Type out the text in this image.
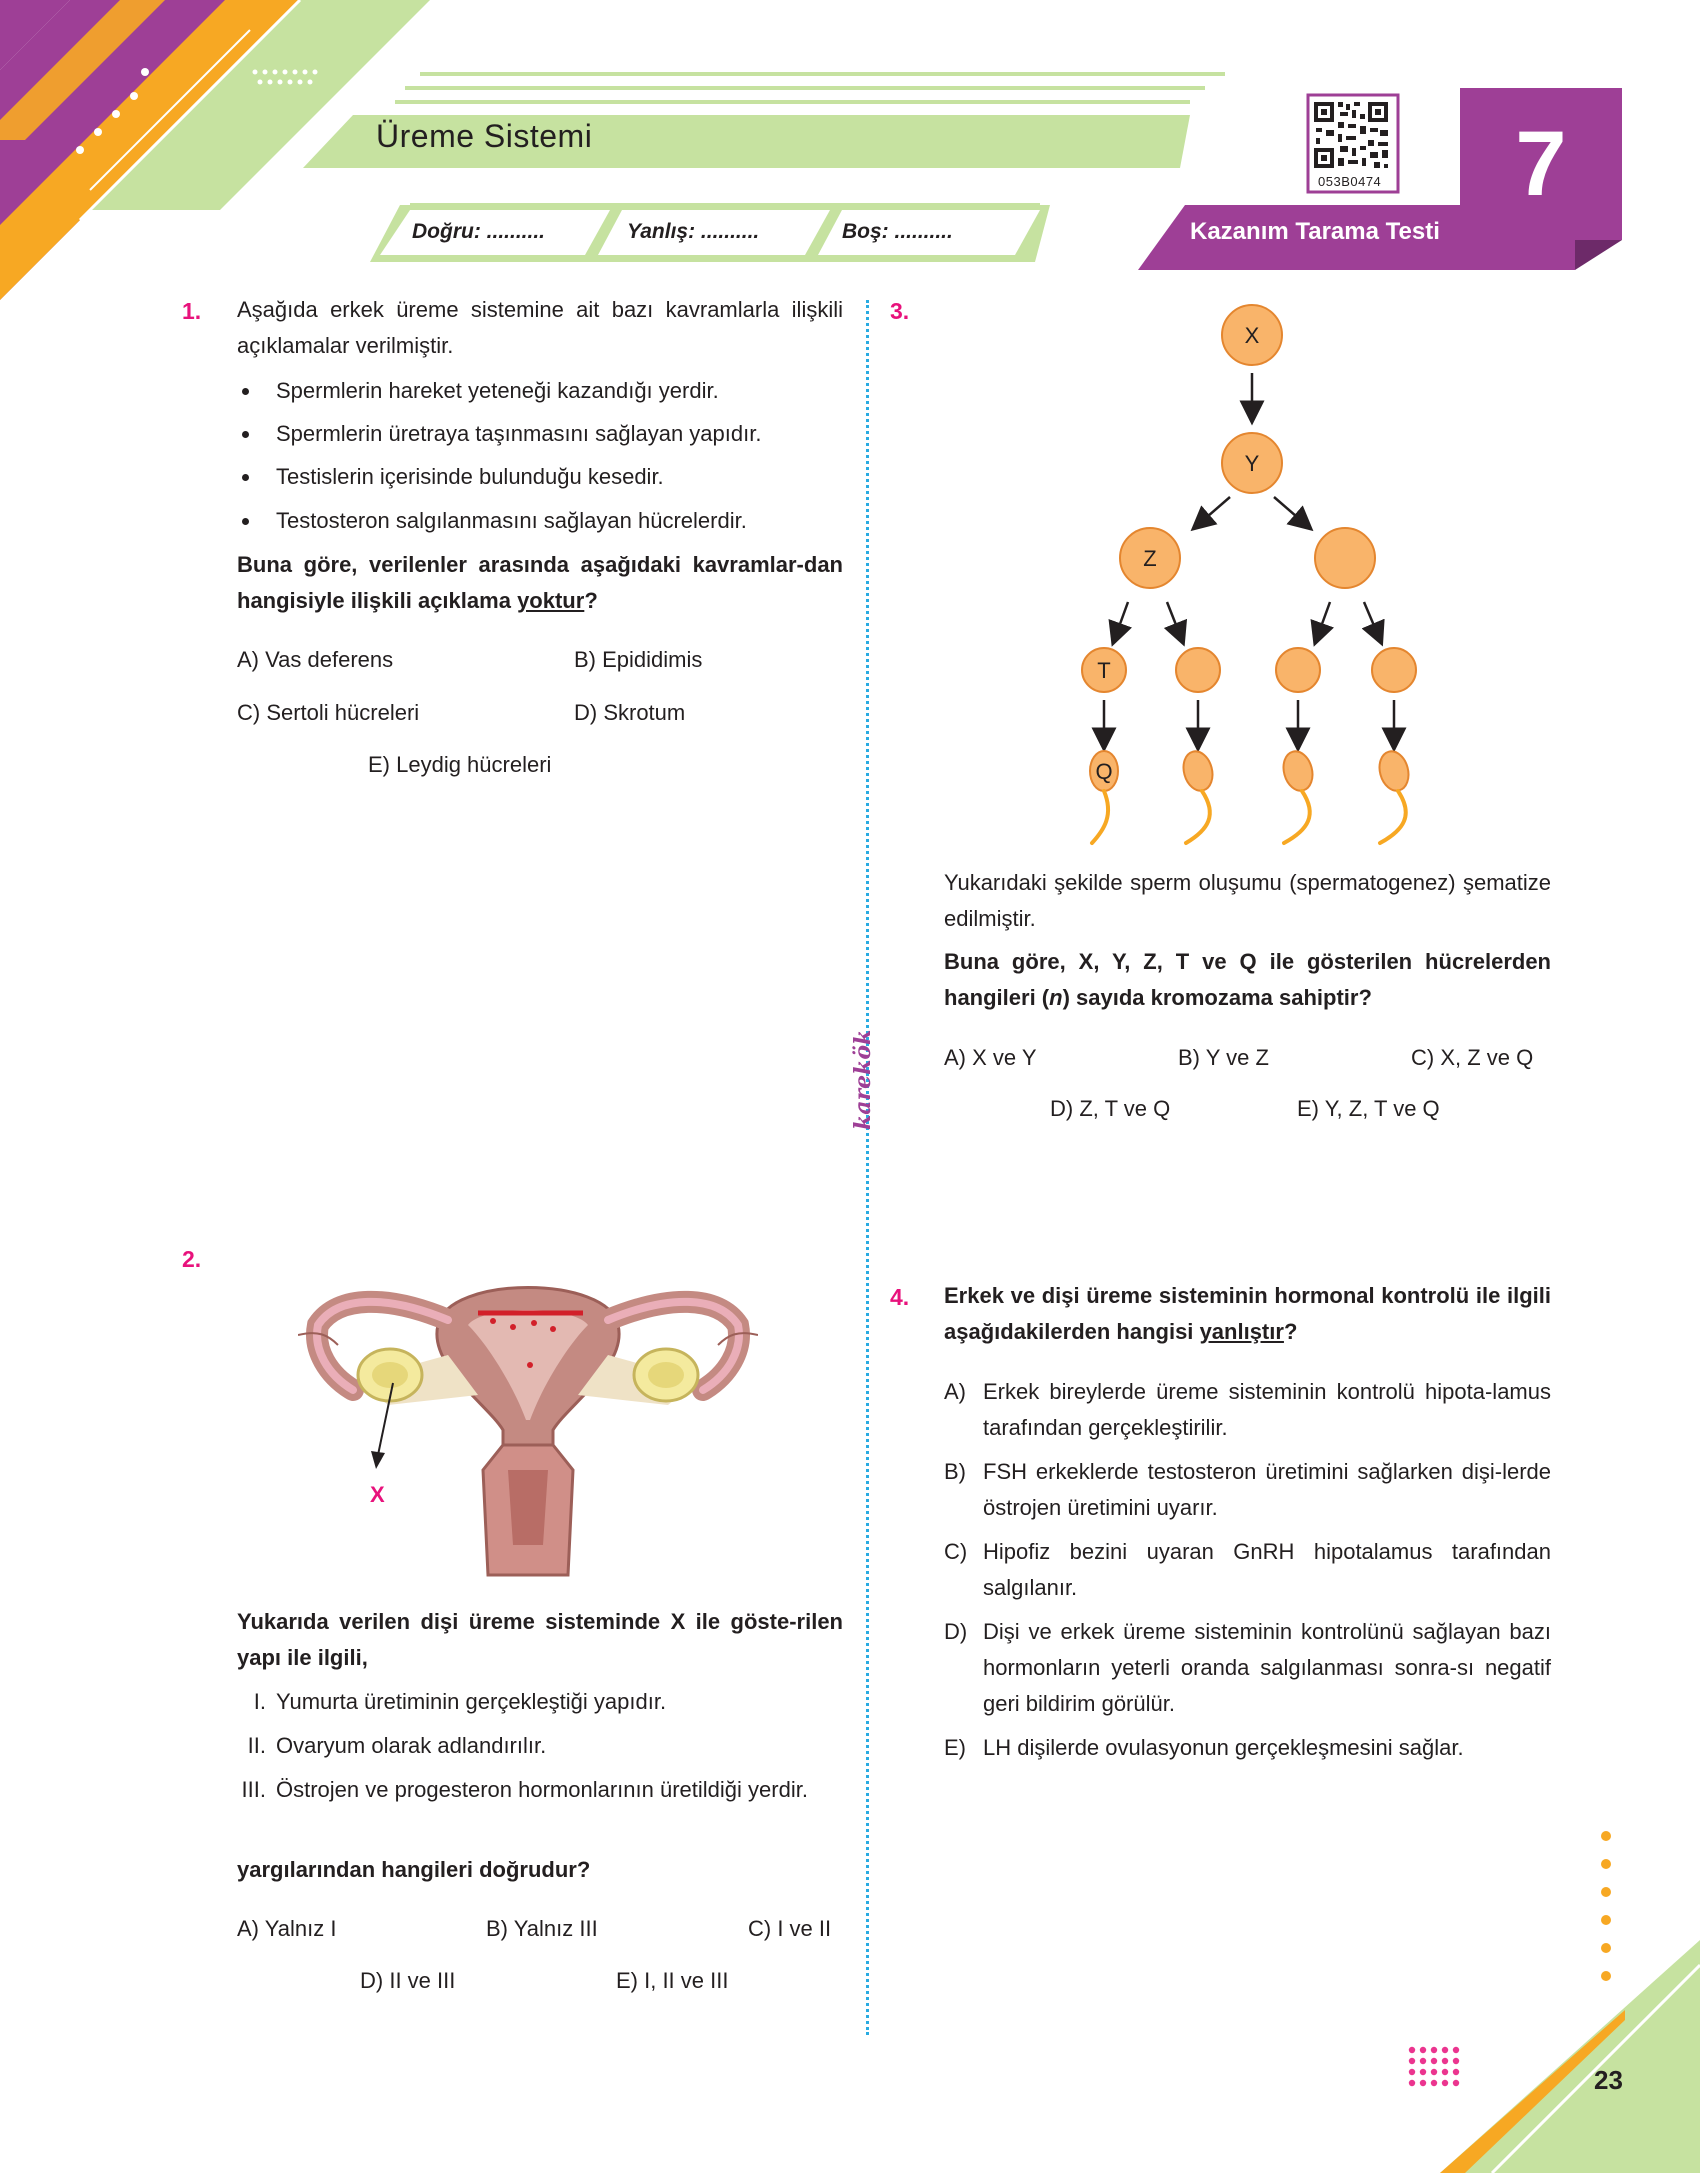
Üreme Sistemi
Doğru: ..........	Yanlış: ..........	Boş: ..........
053B0474	7
Kazanım Tarama Testi
1. Aşağıda erkek üreme sistemine ait bazı kavramlarla ilişkili açıklamalar verilmiştir.
Spermlerin hareket yeteneği kazandığı yerdir.
Spermlerin üretraya taşınmasını sağlayan yapıdır.
Testislerin içerisinde bulunduğu kesedir.
Testosteron salgılanmasını sağlayan hücrelerdir.
Buna göre, verilenler arasında aşağıdaki kavramlar-dan hangisiyle ilişkili açıklama yoktur?
A) Vas deferens	B) Epididimis
C) Sertoli hücreleri	D) Skrotum
E) Leydig hücreleri
karekök
2.
X
Yukarıda verilen dişi üreme sisteminde X ile göste-rilen yapı ile ilgili,
I. Yumurta üretiminin gerçekleştiği yapıdır.
II. Ovaryum olarak adlandırılır.
III. Östrojen ve progesteron hormonlarının üretildiği yerdir.
yargılarından hangileri doğrudur?
A) Yalnız I	B) Yalnız III	C) I ve II
D) II ve III	E) I, II ve III
3.
X
Y
Z
T
Q
Yukarıdaki şekilde sperm oluşumu (spermatogenez) şematize edilmiştir.
Buna göre, X, Y, Z, T ve Q ile gösterilen hücrelerden hangileri (n) sayıda kromozama sahiptir?
A) X ve Y	B) Y ve Z	C) X, Z ve Q
D) Z, T ve Q	E) Y, Z, T ve Q
4. Erkek ve dişi üreme sisteminin hormonal kontrolü ile ilgili aşağıdakilerden hangisi yanlıştır?
A) Erkek bireylerde üreme sisteminin kontrolü hipota-lamus tarafından gerçekleştirilir.
B) FSH erkeklerde testosteron üretimini sağlarken dişi-lerde östrojen üretimini uyarır.
C) Hipofiz bezini uyaran GnRH hipotalamus tarafından salgılanır.
D) Dişi ve erkek üreme sisteminin kontrolünü sağlayan bazı hormonların yeterli oranda salgılanması sonra-sı negatif geri bildirim görülür.
E) LH dişilerde ovulasyonun gerçekleşmesini sağlar.
23
